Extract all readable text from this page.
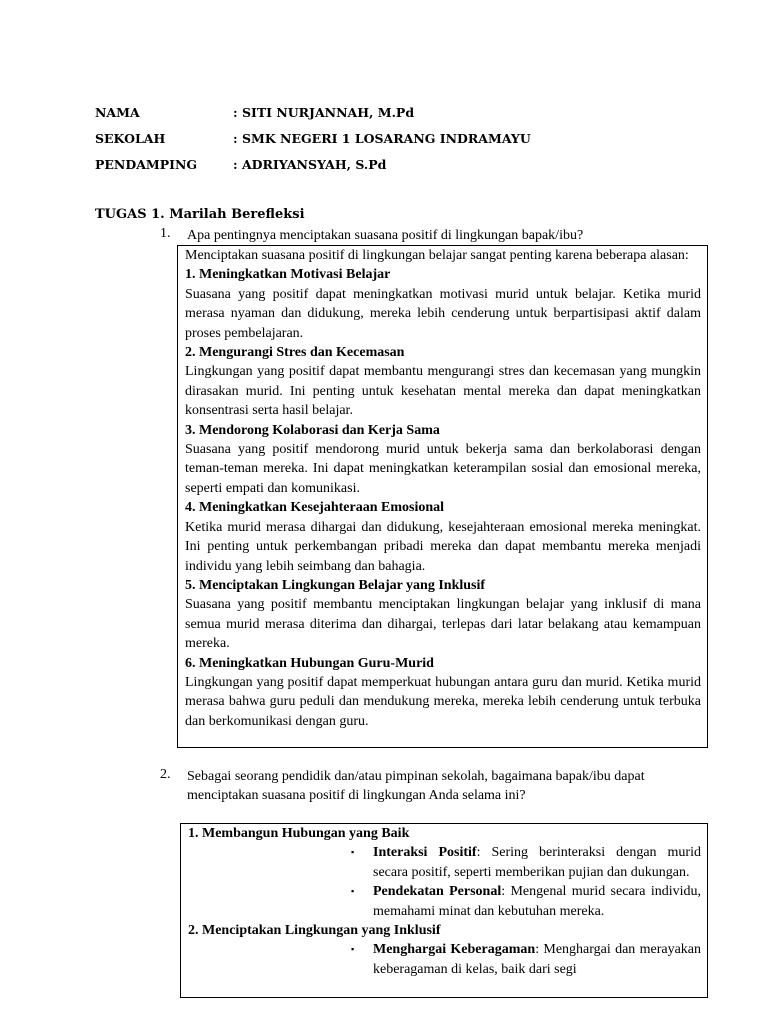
NAMA	: SITI NURJANNAH, M.Pd
SEKOLAH	: SMK NEGERI 1 LOSARANG INDRAMAYU
PENDAMPING	: ADRIYANSYAH, S.Pd
TUGAS 1. Marilah Berefleksi
1. Apa pentingnya menciptakan suasana positif di lingkungan bapak/ibu?

Menciptakan suasana positif di lingkungan belajar sangat penting karena beberapa alasan:

1. Meningkatkan Motivasi Belajar

Suasana yang positif dapat meningkatkan motivasi murid untuk belajar. Ketika murid merasa nyaman dan didukung, mereka lebih cenderung untuk berpartisipasi aktif dalam proses pembelajaran.

2. Mengurangi Stres dan Kecemasan

Lingkungan yang positif dapat membantu mengurangi stres dan kecemasan yang mungkin dirasakan murid. Ini penting untuk kesehatan mental mereka dan dapat meningkatkan konsentrasi serta hasil belajar.

3. Mendorong Kolaborasi dan Kerja Sama

Suasana yang positif mendorong murid untuk bekerja sama dan berkolaborasi dengan teman-teman mereka. Ini dapat meningkatkan keterampilan sosial dan emosional mereka, seperti empati dan komunikasi.

4. Meningkatkan Kesejahteraan Emosional

Ketika murid merasa dihargai dan didukung, kesejahteraan emosional mereka meningkat. Ini penting untuk perkembangan pribadi mereka dan dapat membantu mereka menjadi individu yang lebih seimbang dan bahagia.

5. Menciptakan Lingkungan Belajar yang Inklusif

Suasana yang positif membantu menciptakan lingkungan belajar yang inklusif di mana semua murid merasa diterima dan dihargai, terlepas dari latar belakang atau kemampuan mereka.

6. Meningkatkan Hubungan Guru-Murid

Lingkungan yang positif dapat memperkuat hubungan antara guru dan murid. Ketika murid merasa bahwa guru peduli dan mendukung mereka, mereka lebih cenderung untuk terbuka dan berkomunikasi dengan guru.

2. Sebagai seorang pendidik dan/atau pimpinan sekolah, bagaimana bapak/ibu dapat
menciptakan suasana positif di lingkungan Anda selama ini?

1. Membangun Hubungan yang Baik

▪ Interaksi Positif: Sering berinteraksi dengan murid secara positif, seperti memberikan pujian dan dukungan.

▪ Pendekatan Personal: Mengenal murid secara individu, memahami minat dan kebutuhan mereka.

2. Menciptakan Lingkungan yang Inklusif

▪ Menghargai Keberagaman: Menghargai dan merayakan keberagaman di kelas, baik dari segi
